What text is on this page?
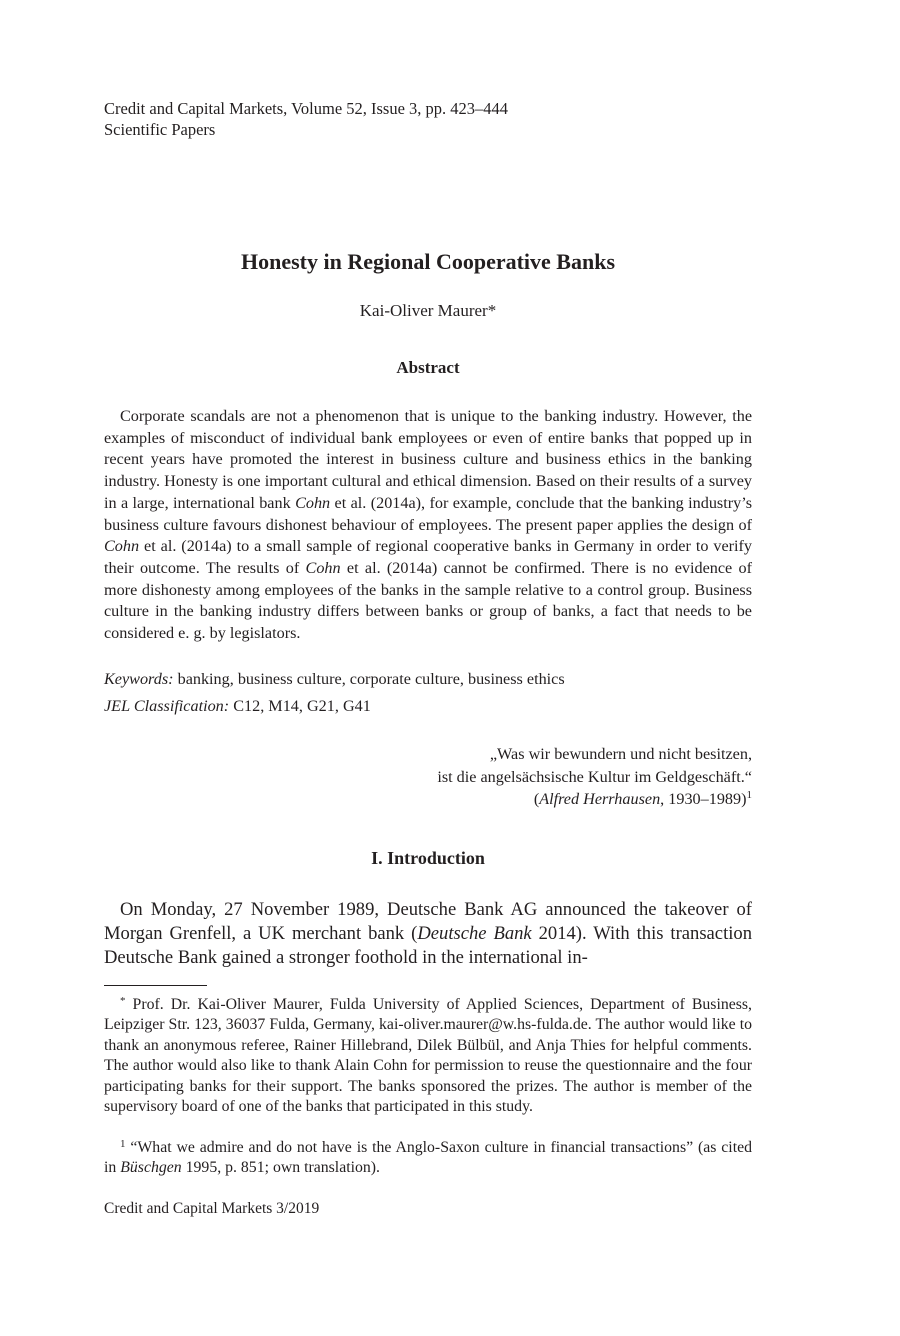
Credit and Capital Markets, Volume 52, Issue 3, pp. 423–444

Scientific Papers

Honesty in Regional Cooperative Banks

Kai-Oliver Maurer*

Abstract

Corporate scandals are not a phenomenon that is unique to the banking industry. However, the examples of misconduct of individual bank employees or even of entire banks that popped up in recent years have promoted the interest in business culture and business ethics in the banking industry. Honesty is one important cultural and ethical dimension. Based on their results of a survey in a large, international bank Cohn et al. (2014a), for example, conclude that the banking industry’s business culture favours dishonest behaviour of employees. The present paper applies the design of Cohn et al. (2014a) to a small sample of regional cooperative banks in Germany in order to verify their outcome. The results of Cohn et al. (2014a) cannot be confirmed. There is no evidence of more dishonesty among employees of the banks in the sample relative to a control group. Business culture in the banking industry differs between banks or group of banks, a fact that needs to be considered e. g. by legislators.

Keywords: banking, business culture, corporate culture, business ethics

JEL Classification: C12, M14, G21, G41

„Was wir bewundern und nicht besitzen,
ist die angelsächsische Kultur im Geldgeschäft.“
(Alfred Herrhausen, 1930–1989)$^1$
I. Introduction

On Monday, 27 November 1989, Deutsche Bank AG announced the takeover of Morgan Grenfell, a UK merchant bank (Deutsche Bank 2014). With this transaction Deutsche Bank gained a stronger foothold in the international in-

* Prof. Dr. Kai-Oliver Maurer, Fulda University of Applied Sciences, Department of Business, Leipziger Str. 123, 36037 Fulda, Germany, kai-oliver.maurer@w.hs-fulda.de. The author would like to thank an anonymous referee, Rainer Hillebrand, Dilek Bülbül, and Anja Thies for helpful comments. The author would also like to thank Alain Cohn for permission to reuse the questionnaire and the four participating banks for their support. The banks sponsored the prizes. The author is member of the supervisory board of one of the banks that participated in this study.

$^1$ “What we admire and do not have is the Anglo-Saxon culture in financial transactions” (as cited in Büschgen 1995, p. 851; own translation).

Credit and Capital Markets 3/2019
